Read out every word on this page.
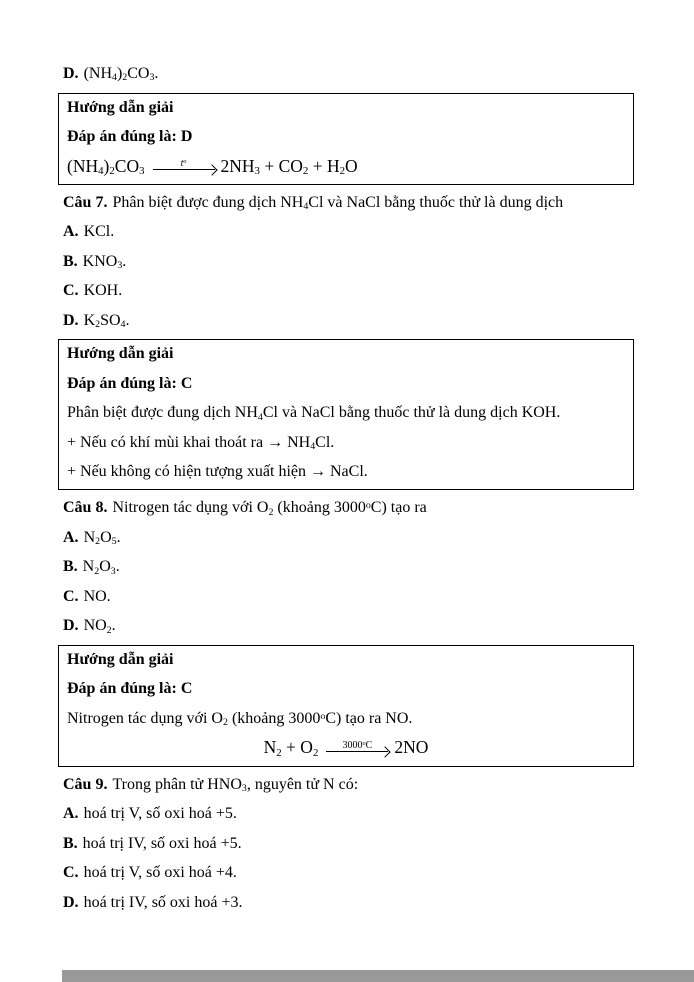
D. $(NH_4)_2CO_3$.

Hướng dẫn giải

Đáp án đúng là: D

$(NH_4)_2CO_3$
$t^o$	$2NH_3 + CO_2 + H_2O$

Câu 7. Phân biệt được đung dịch $NH_4Cl$ và NaCl bằng thuốc thử là dung dịch

A. KCl.

B. $KNO_3$.

C. KOH.

D. $K_2SO_4$.

Hướng dẫn giải

Đáp án đúng là: C

Phân biệt được đung dịch $NH_4Cl$ và NaCl bằng thuốc thử là dung dịch KOH.

+ Nếu có khí mùi khai thoát ra → $NH_4Cl$.

+ Nếu không có hiện tượng xuất hiện → NaCl.

Câu 8. Nitrogen tác dụng với $O_2$ (khoảng 3000$^o$C) tạo ra

A. $N_2O_5$.

B. $N_2O_3$.

C. NO.

D. $NO_2$.

Hướng dẫn giải

Đáp án đúng là: C

Nitrogen tác dụng với $O_2$ (khoảng 3000$^o$C) tạo ra NO.

$N_2 + O_2$
3000$^o$C	2NO

Câu 9. Trong phân tử $HNO_3$, nguyên tử N có:

A. hoá trị V, số oxi hoá +5.

B. hoá trị IV, số oxi hoá +5.

C. hoá trị V, số oxi hoá +4.

D. hoá trị IV, số oxi hoá +3.
